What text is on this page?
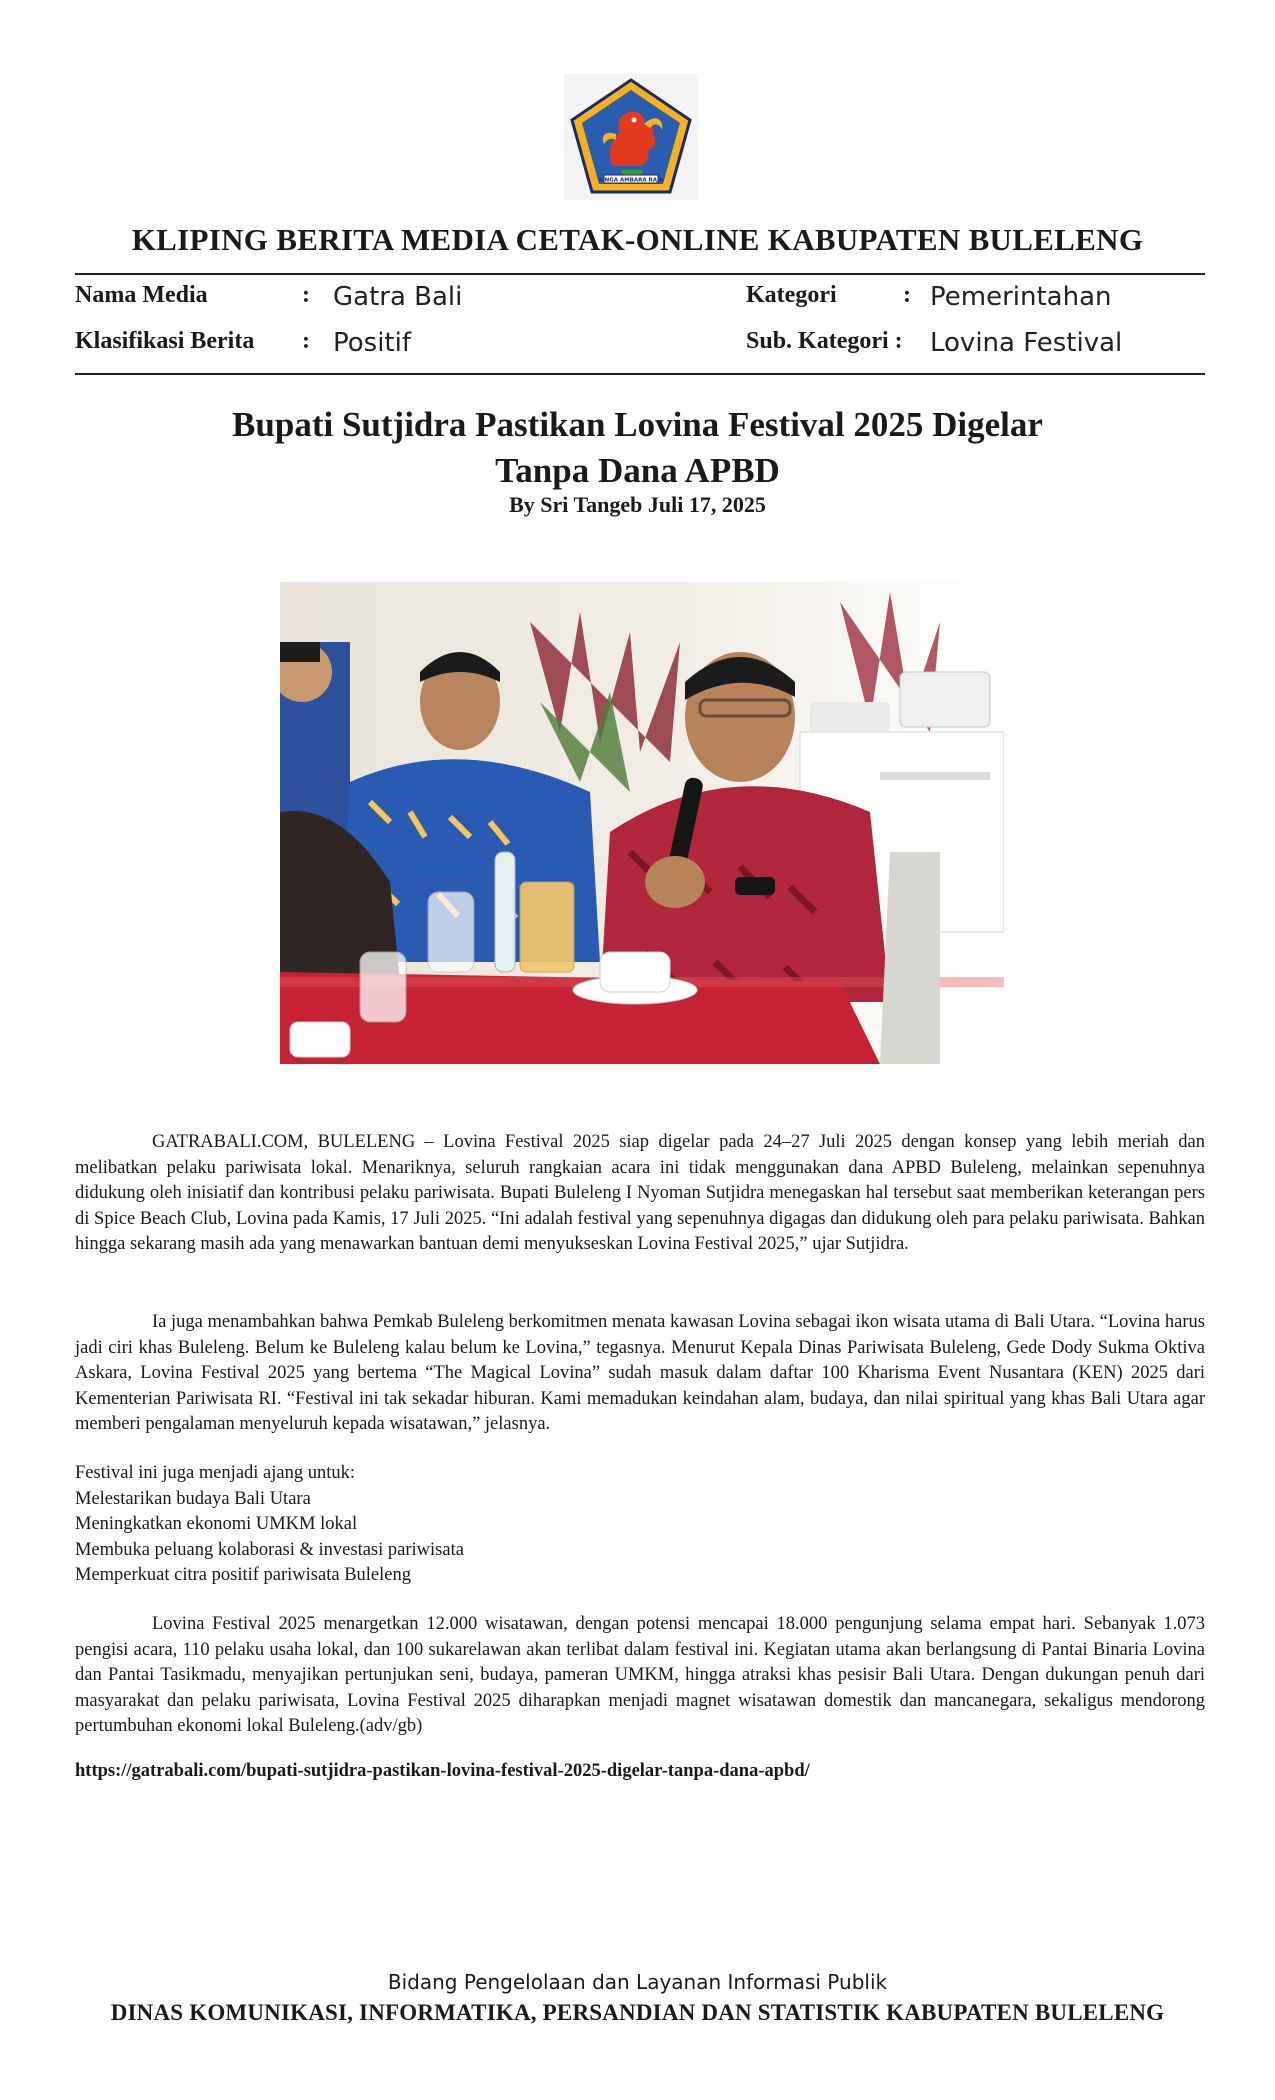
SINGA AMBARA RAJA
KLIPING BERITA MEDIA CETAK-ONLINE KABUPATEN BULELENG
Nama Media	: Gatra Bali	Kategori	: Pemerintahan
Klasifikasi Berita : Positif	Sub. Kategori : Lovina Festival
Bupati Sutjidra Pastikan Lovina Festival 2025 Digelar
Tanpa Dana APBD
By Sri Tangeb Juli 17, 2025

GATRABALI.COM, BULELENG – Lovina Festival 2025 siap digelar pada 24–27 Juli 2025 dengan konsep yang lebih meriah dan melibatkan pelaku pariwisata lokal. Menariknya, seluruh rangkaian acara ini tidak menggunakan dana APBD Buleleng, melainkan sepenuhnya didukung oleh inisiatif dan kontribusi pelaku pariwisata. Bupati Buleleng I Nyoman Sutjidra menegaskan hal tersebut saat memberikan keterangan pers di Spice Beach Club, Lovina pada Kamis, 17 Juli 2025. “Ini adalah festival yang sepenuhnya digagas dan didukung oleh para pelaku pariwisata. Bahkan hingga sekarang masih ada yang menawarkan bantuan demi menyukseskan Lovina Festival 2025,” ujar Sutjidra.

Ia juga menambahkan bahwa Pemkab Buleleng berkomitmen menata kawasan Lovina sebagai ikon wisata utama di Bali Utara. “Lovina harus jadi ciri khas Buleleng. Belum ke Buleleng kalau belum ke Lovina,” tegasnya. Menurut Kepala Dinas Pariwisata Buleleng, Gede Dody Sukma Oktiva Askara, Lovina Festival 2025 yang bertema “The Magical Lovina” sudah masuk dalam daftar 100 Kharisma Event Nusantara (KEN) 2025 dari Kementerian Pariwisata RI. “Festival ini tak sekadar hiburan. Kami memadukan keindahan alam, budaya, dan nilai spiritual yang khas Bali Utara agar memberi pengalaman menyeluruh kepada wisatawan,” jelasnya.

Festival ini juga menjadi ajang untuk:

Melestarikan budaya Bali Utara

Meningkatkan ekonomi UMKM lokal

Membuka peluang kolaborasi & investasi pariwisata

Memperkuat citra positif pariwisata Buleleng

Lovina Festival 2025 menargetkan 12.000 wisatawan, dengan potensi mencapai 18.000 pengunjung selama empat hari. Sebanyak 1.073 pengisi acara, 110 pelaku usaha lokal, dan 100 sukarelawan akan terlibat dalam festival ini. Kegiatan utama akan berlangsung di Pantai Binaria Lovina dan Pantai Tasikmadu, menyajikan pertunjukan seni, budaya, pameran UMKM, hingga atraksi khas pesisir Bali Utara. Dengan dukungan penuh dari masyarakat dan pelaku pariwisata, Lovina Festival 2025 diharapkan menjadi magnet wisatawan domestik dan mancanegara, sekaligus mendorong pertumbuhan ekonomi lokal Buleleng.(adv/gb)

https://gatrabali.com/bupati-sutjidra-pastikan-lovina-festival-2025-digelar-tanpa-dana-apbd/
Bidang Pengelolaan dan Layanan Informasi Publik
DINAS KOMUNIKASI, INFORMATIKA, PERSANDIAN DAN STATISTIK KABUPATEN BULELENG
